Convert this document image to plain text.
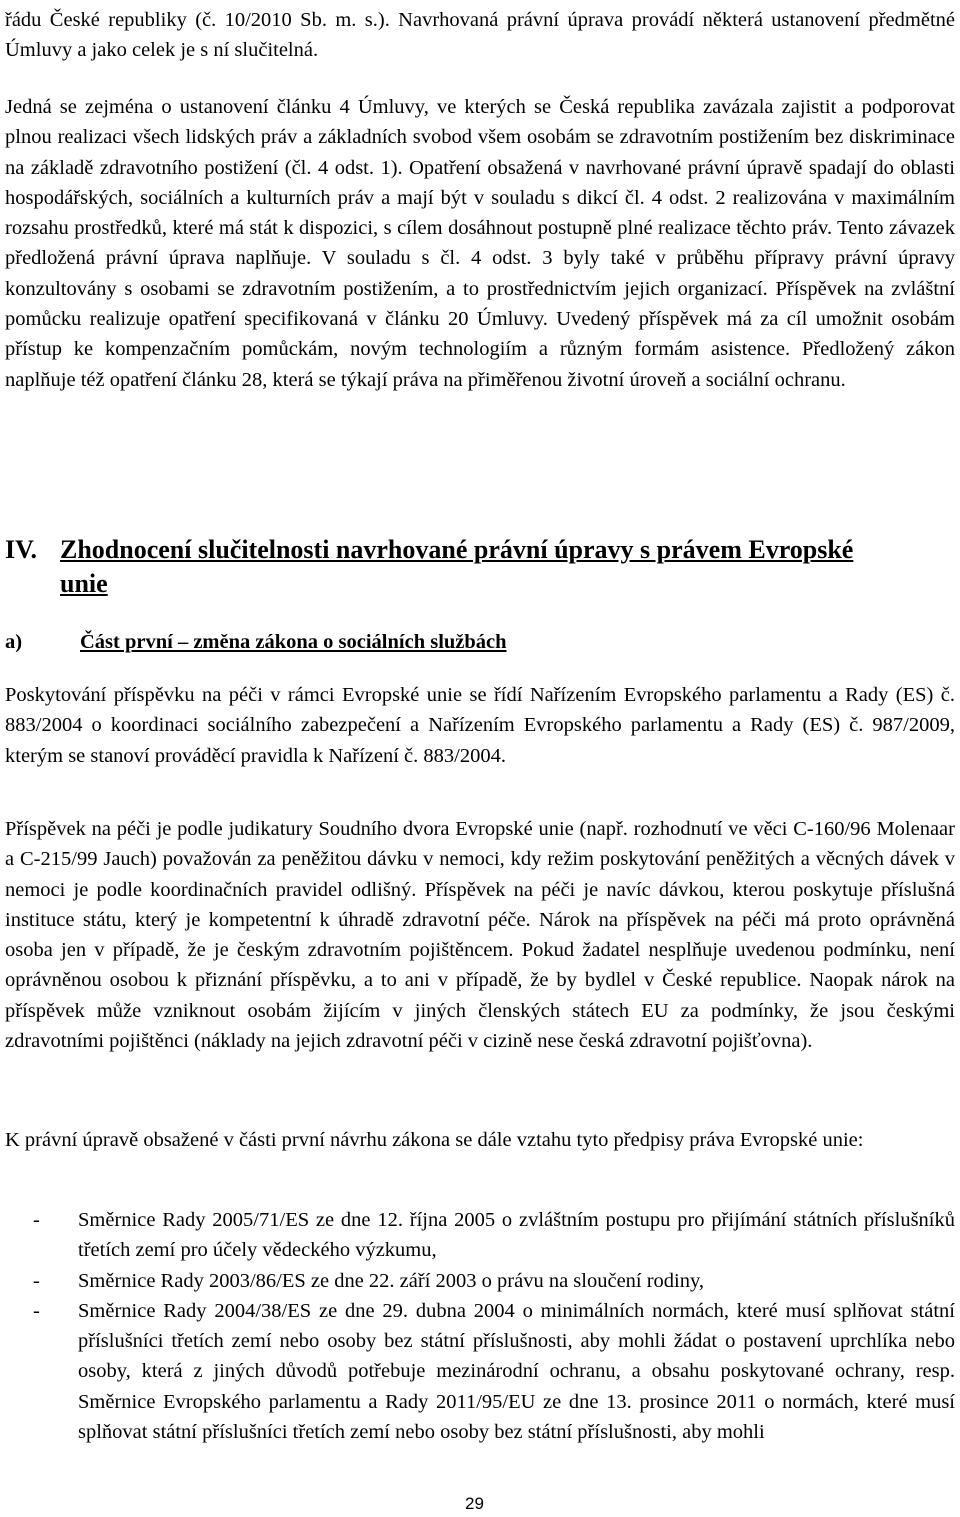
řádu České republiky (č. 10/2010 Sb. m. s.). Navrhovaná právní úprava provádí některá ustanovení předmětné Úmluvy a jako celek je s ní slučitelná.

Jedná se zejména o ustanovení článku 4 Úmluvy, ve kterých se Česká republika zavázala zajistit a podporovat plnou realizaci všech lidských práv a základních svobod všem osobám se zdravotním postižením bez diskriminace na základě zdravotního postižení (čl. 4 odst. 1). Opatření obsažená v navrhované právní úpravě spadají do oblasti hospodářských, sociálních a kulturních práv a mají být v souladu s dikcí čl. 4 odst. 2 realizována v maximálním rozsahu prostředků, které má stát k dispozici, s cílem dosáhnout postupně plné realizace těchto práv. Tento závazek předložená právní úprava naplňuje. V souladu s čl. 4 odst. 3 byly také v průběhu přípravy právní úpravy konzultovány s osobami se zdravotním postižením, a to prostřednictvím jejich organizací. Příspěvek na zvláštní pomůcku realizuje opatření specifikovaná v článku 20 Úmluvy. Uvedený příspěvek má za cíl umožnit osobám přístup ke kompenzačním pomůckám, novým technologiím a různým formám asistence. Předložený zákon naplňuje též opatření článku 28, která se týkají práva na přiměřenou životní úroveň a sociální ochranu.

IV. Zhodnocení slučitelnosti navrhované právní úpravy s právem Evropské
unie
a)	Část první – změna zákona o sociálních službách

Poskytování příspěvku na péči v rámci Evropské unie se řídí Nařízením Evropského parlamentu a Rady (ES) č. 883/2004 o koordinaci sociálního zabezpečení a Nařízením Evropského parlamentu a Rady (ES) č. 987/2009, kterým se stanoví prováděcí pravidla k Nařízení č. 883/2004.

Příspěvek na péči je podle judikatury Soudního dvora Evropské unie (např. rozhodnutí ve věci C-160/96 Molenaar a C-215/99 Jauch) považován za peněžitou dávku v nemoci, kdy režim poskytování peněžitých a věcných dávek v nemoci je podle koordinačních pravidel odlišný. Příspěvek na péči je navíc dávkou, kterou poskytuje příslušná instituce státu, který je kompetentní k úhradě zdravotní péče. Nárok na příspěvek na péči má proto oprávněná osoba jen v případě, že je českým zdravotním pojištěncem. Pokud žadatel nesplňuje uvedenou podmínku, není oprávněnou osobou k přiznání příspěvku, a to ani v případě, že by bydlel v České republice. Naopak nárok na příspěvek může vzniknout osobám žijícím v jiných členských státech EU za podmínky, že jsou českými zdravotními pojištěnci (náklady na jejich zdravotní péči v cizině nese česká zdravotní pojišťovna).

K právní úpravě obsažené v části první návrhu zákona se dále vztahu tyto předpisy práva Evropské unie:

- Směrnice Rady 2005/71/ES ze dne 12. října 2005 o zvláštním postupu pro přijímání státních příslušníků třetích zemí pro účely vědeckého výzkumu,
- Směrnice Rady 2003/86/ES ze dne 22. září 2003 o právu na sloučení rodiny,
- Směrnice Rady 2004/38/ES ze dne 29. dubna 2004 o minimálních normách, které musí splňovat státní příslušníci třetích zemí nebo osoby bez státní příslušnosti, aby mohli žádat o postavení uprchlíka nebo osoby, která z jiných důvodů potřebuje mezinárodní ochranu, a obsahu poskytované ochrany, resp. Směrnice Evropského parlamentu a Rady 2011/95/EU ze dne 13. prosince 2011 o normách, které musí splňovat státní příslušníci třetích zemí nebo osoby bez státní příslušnosti, aby mohli
29
